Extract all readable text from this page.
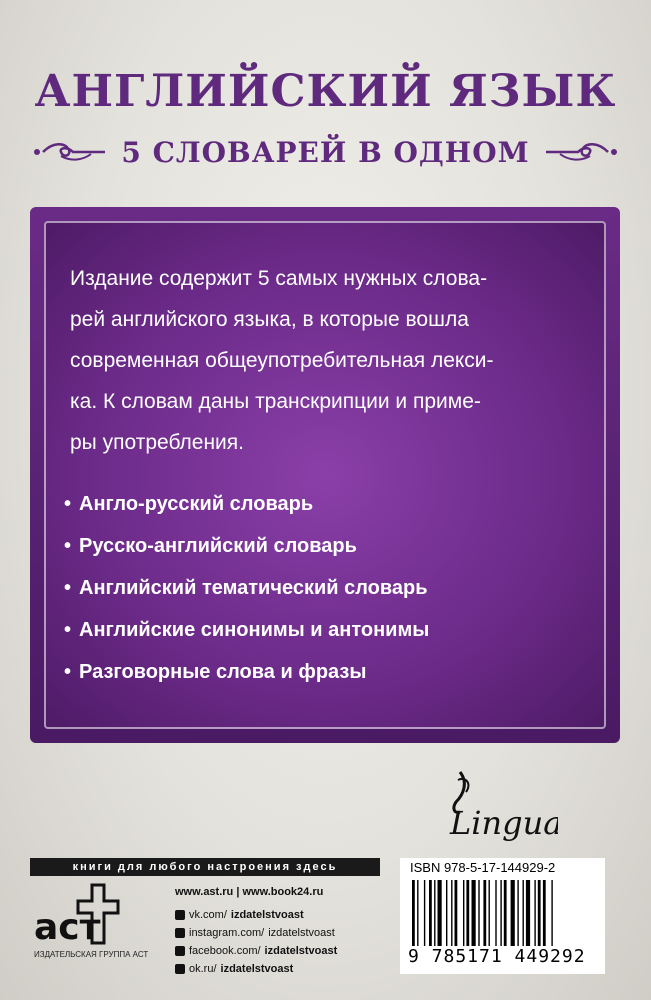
АНГЛИЙСКИЙ ЯЗЫК
5 СЛОВАРЕЙ В ОДНОМ

Издание содержит 5 самых нужных слова-

рей английского языка, в которые вошла

современная общеупотребительная лекси-

ка. К словам даны транскрипции и приме-

ры употребления.

• Англо-русский словарь
• Русско-английский словарь
• Английский тематический словарь
• Английские синонимы и антонимы
• Разговорные слова и фразы
Lingua
книги для любого настроения здесь
aст
ИЗДАТЕЛЬСКАЯ ГРУППА АСТ
www.ast.ru | www.book24.ru
vk.com/ izdatelstvoast
instagram.com/ izdatelstvoast
facebook.com/ izdatelstvoast
ok.ru/ izdatelstvoast
ISBN 978-5-17-144929-2
9 785171 449292
